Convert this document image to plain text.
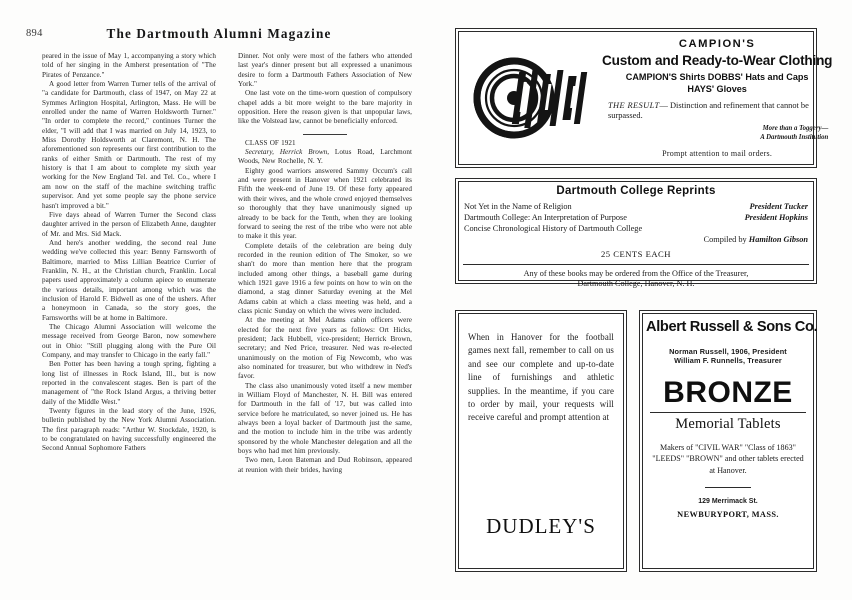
894	The Dartmouth Alumni Magazine

peared in the issue of May 1, accompanying a story which told of her singing in the Amherst presentation of "The Pirates of Penzance."

A good letter from Warren Turner tells of the arrival of "a candidate for Dartmouth, class of 1947, on May 22 at Symmes Arlington Hospital, Arlington, Mass. He will be enrolled under the name of Warren Holdsworth Turner." "In order to complete the record," continues Turner the elder, "I will add that I was married on July 14, 1923, to Miss Dorothy Holdsworth at Claremont, N. H. The aforementioned son represents our first contribution to the ranks of either Smith or Dartmouth. The rest of my history is that I am about to complete my sixth year working for the New England Tel. and Tel. Co., where I am now on the staff of the machine switching traffic supervisor. And yet some people say the phone service hasn't improved a bit."

Five days ahead of Warren Turner the Second class daughter arrived in the person of Elizabeth Anne, daughter of Mr. and Mrs. Sid Mack.

And here's another wedding, the second real June wedding we've collected this year: Benny Farnsworth of Baltimore, married to Miss Lillian Beatrice Currier of Franklin, N. H., at the Christian church, Franklin. Local papers used approximately a column apiece to enumerate the various details, important among which was the inclusion of Harold F. Bidwell as one of the ushers. After a honeymoon in Canada, so the story goes, the Farnsworths will be at home in Baltimore.

The Chicago Alumni Association will welcome the message received from George Baron, now somewhere out in Ohio: "Still plugging along with the Pure Oil Company, and may transfer to Chicago in the early fall."

Ben Potter has been having a tough spring, fighting a long list of illnesses in Rock Island, Ill., but is now reported in the convalescent stages. Ben is part of the management of "the Rock Island Argus, a thriving better daily of the Middle West."

Twenty figures in the lead story of the June, 1926, bulletin published by the New York Alumni Association. The first paragraph reads: "Arthur W. Stockdale, 1920, is to be congratulated on having successfully engineered the Second Annual Sophomore Fathers

Dinner. Not only were most of the fathers who attended last year's dinner present but all expressed a unanimous desire to form a Dartmouth Fathers Association of New York."

One last vote on the time-worn question of compulsory chapel adds a bit more weight to the bare majority in opposition. Here the reason given is that unpopular laws, like the Volstead law, cannot be beneficially enforced.

CLASS OF 1921

Secretary, Herrick Brown, Lotus Road, Larchmont Woods, New Rochelle, N. Y.

Eighty good warriors answered Sammy Occum's call and were present in Hanover when 1921 celebrated its Fifth the week-end of June 19. Of these forty appeared with their wives, and the whole crowd enjoyed themselves so thoroughly that they have unanimously signed up already to be back for the Tenth, when they are looking forward to seeing the rest of the tribe who were not able to make it this year.

Complete details of the celebration are being duly recorded in the reunion edition of The Smoker, so we shan't do more than mention here that the program included among other things, a baseball game during which 1921 gave 1916 a few points on how to win on the diamond, a stag dinner Saturday evening at the Mel Adams cabin at which a class meeting was held, and a class picnic Sunday on which the wives were included.

At the meeting at Mel Adams cabin officers were elected for the next five years as follows: Ort Hicks, president; Jack Hubbell, vice-president; Herrick Brown, secretary; and Ned Price, treasurer. Ned was re-elected unanimously on the motion of Fig Newcomb, who was also nominated for treasurer, but who withdrew in Ned's favor.

The class also unanimously voted itself a new member in William Floyd of Manchester, N. H. Bill was entered for Dartmouth in the fall of '17, but was called into service before he matriculated, so never joined us. He has always been a loyal backer of Dartmouth just the same, and the motion to include him in the tribe was ardently sponsored by the whole Manchester delegation and all the boys who had met him previously.

Two men, Leon Bateman and Dud Robinson, appeared at reunion with their brides, having

CAMPION'S
Custom and Ready-to-Wear Clothing
CAMPION'S Shirts DOBBS' Hats and Caps
HAYS' Gloves
THE RESULT— Distinction and refinement that cannot be surpassed.
More than a Toggery—
A Dartmouth Institution
Prompt attention to mail orders.
Dartmouth College Reprints
Not Yet in the Name of Religion	President Tucker
Dartmouth College: An Interpretation of Purpose	President Hopkins
Concise Chronological History of Dartmouth College
Compiled by Hamilton Gibson
25 CENTS EACH
Any of these books may be ordered from the Office of the Treasurer,
Dartmouth College, Hanover, N. H.
When in Hanover for the football games next fall, remember to call on us and see our complete and up-to-date line of furnishings and athletic supplies. In the meantime, if you care to order by mail, your requests will receive careful and prompt attention at
DUDLEY'S
Albert Russell & Sons Co.
Norman Russell, 1906, President
William F. Runnells, Treasurer
BRONZE
Memorial Tablets
Makers of "CIVIL WAR" "Class of 1863" "LEEDS" "BROWN" and other tablets erected at Hanover.
129 Merrimack St.
NEWBURYPORT, MASS.
